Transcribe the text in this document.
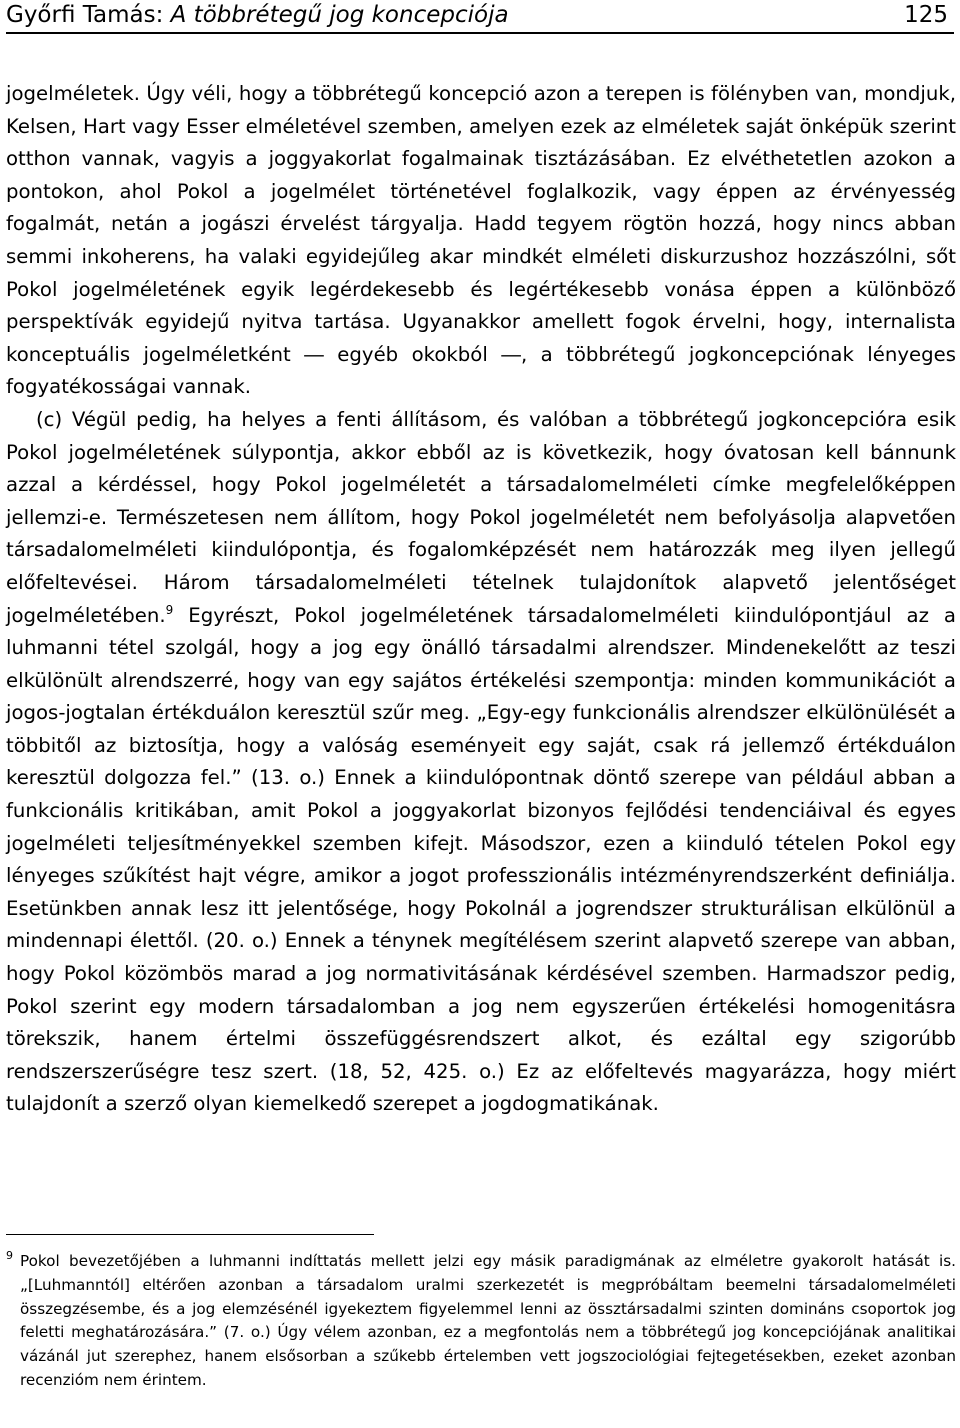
Győrfi Tamás: A többrétegű jog koncepciója	125

jogelméletek. Úgy véli, hogy a többrétegű koncepció azon a terepen is fölényben van, mondjuk, Kelsen, Hart vagy Esser elméletével szemben, amelyen ezek az elméletek saját önképük szerint otthon vannak, vagyis a joggyakorlat fogalmainak tisztázásában. Ez elvéthetetlen azokon a pontokon, ahol Pokol a jogelmélet történetével foglalkozik, vagy éppen az érvényesség fogalmát, netán a jogászi érvelést tárgyalja. Hadd tegyem rögtön hozzá, hogy nincs abban semmi inkoherens, ha valaki egyidejűleg akar mindkét elméleti diskurzushoz hozzászólni, sőt Pokol jogelméletének egyik legérdekesebb és legértékesebb vonása éppen a különböző perspektívák egyidejű nyitva tartása. Ugyanakkor amellett fogok érvelni, hogy, internalista konceptuális jogelméletként ― egyéb okokból ―, a többrétegű jogkoncepciónak lényeges fogyatékosságai vannak.

(c) Végül pedig, ha helyes a fenti állításom, és valóban a többrétegű jogkoncepcióra esik Pokol jogelméletének súlypontja, akkor ebből az is következik, hogy óvatosan kell bánnunk azzal a kérdéssel, hogy Pokol jogelméletét a társadalomelméleti címke megfelelőképpen jellemzi-e. Természetesen nem állítom, hogy Pokol jogelméletét nem befolyásolja alapvetően társadalomelméleti kiindulópontja, és fogalomképzését nem határozzák meg ilyen jellegű előfeltevései. Három társadalomelméleti tételnek tulajdonítok alapvető jelentőséget jogelméletében.$^9$ Egyrészt, Pokol jogelméletének társadalomelméleti kiindulópontjául az a luhmanni tétel szolgál, hogy a jog egy önálló társadalmi alrendszer. Mindenekelőtt az teszi elkülönült alrendszerré, hogy van egy sajátos értékelési szempontja: minden kommunikációt a jogos-jogtalan értékduálon keresztül szűr meg. „Egy-egy funkcionális alrendszer elkülönülését a többitől az biztosítja, hogy a valóság eseményeit egy saját, csak rá jellemző értékduálon keresztül dolgozza fel.” (13. o.) Ennek a kiindulópontnak döntő szerepe van például abban a funkcionális kritikában, amit Pokol a joggyakorlat bizonyos fejlődési tendenciáival és egyes jogelméleti teljesítményekkel szemben kifejt. Másodszor, ezen a kiinduló tételen Pokol egy lényeges szűkítést hajt végre, amikor a jogot professzionális intézményrendszerként definiálja. Esetünkben annak lesz itt jelentősége, hogy Pokolnál a jogrendszer strukturálisan elkülönül a mindennapi élettől. (20. o.) Ennek a ténynek megítélésem szerint alapvető szerepe van abban, hogy Pokol közömbös marad a jog normativitásának kérdésével szemben. Harmadszor pedig, Pokol szerint egy modern társadalomban a jog nem egyszerűen értékelési homogenitásra törekszik, hanem értelmi összefüggésrendszert alkot, és ezáltal egy szigorúbb rendszerszerűségre tesz szert. (18, 52, 425. o.) Ez az előfeltevés magyarázza, hogy miért tulajdonít a szerző olyan kiemelkedő szerepet a jogdogmatikának.

9 Pokol bevezetőjében a luhmanni indíttatás mellett jelzi egy másik paradigmának az elméletre gyakorolt hatását is. „[Luhmanntól] eltérően azonban a társadalom uralmi szerkezetét is megpróbáltam beemelni társadalomelméleti összegzésembe, és a jog elemzésénél igyekeztem figyelemmel lenni az össztársadalmi szinten domináns csoportok jog feletti meghatározására.” (7. o.) Úgy vélem azonban, ez a megfontolás nem a többrétegű jog koncepciójának analitikai vázánál jut szerephez, hanem elsősorban a szűkebb értelemben vett jogszociológiai fejtegetésekben, ezeket azonban recenzióm nem érintem.
